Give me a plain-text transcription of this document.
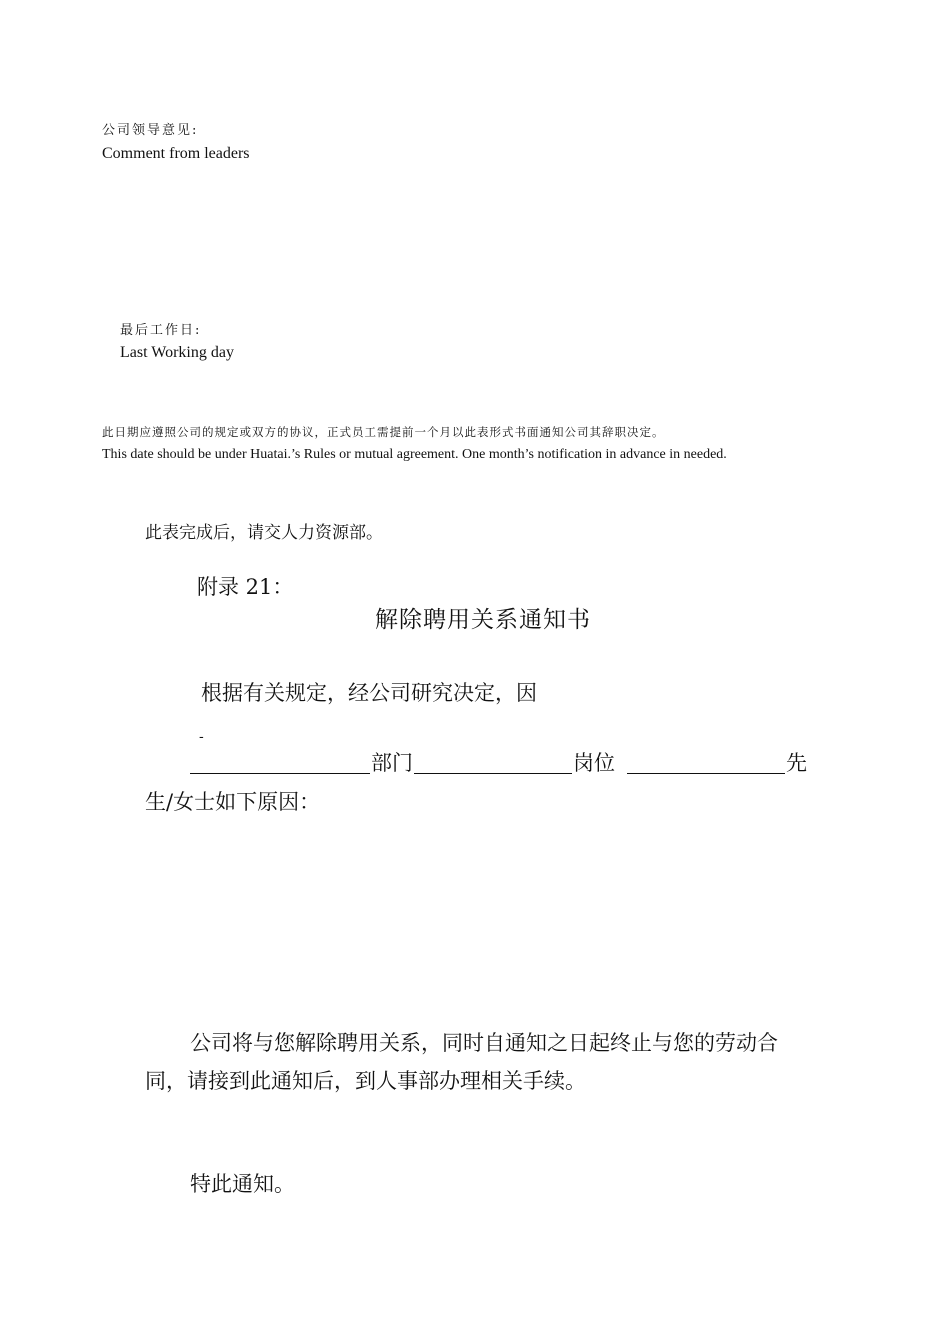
公司领导意见:
Comment from leaders
最后工作日:
Last Working day
此日期应遵照公司的规定或双方的协议，正式员工需提前一个月以此表形式书面通知公司其辞职决定。
This date should be under Huatai.’s Rules or mutual agreement. One month’s notification in advance in needed.
此表完成后，请交人力资源部。
附录 21：
解除聘用关系通知书
根据有关规定，经公司研究决定，因
-
部门	岗位	先
生/女士如下原因：
公司将与您解除聘用关系，同时自通知之日起终止与您的劳动合
同，请接到此通知后，到人事部办理相关手续。
特此通知。
